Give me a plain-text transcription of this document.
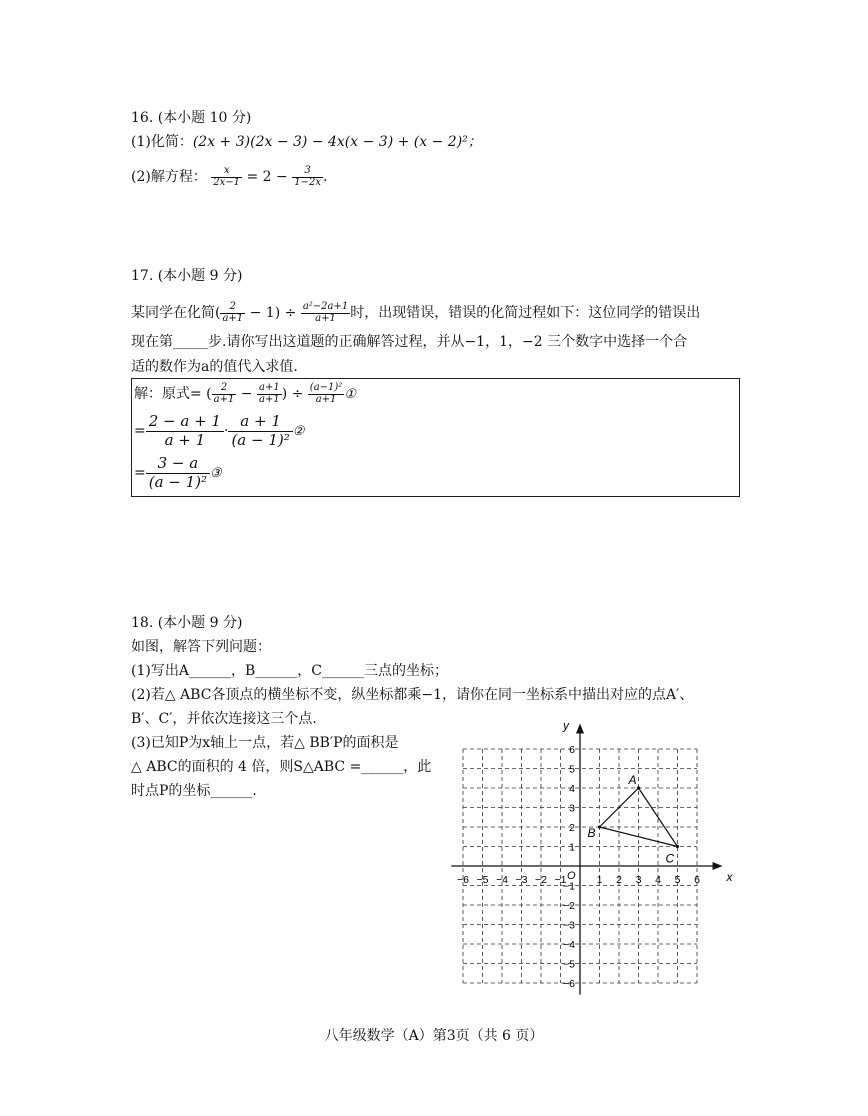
16. (本小题 10 分)
(1)化简：(2x + 3)(2x − 3) − 4x(x − 3) + (x − 2)²；
(2)解方程： $\frac{x}{2x-1} = 2 - \frac{3}{1-2x}$ .
17. (本小题 9 分)
某同学在化简( $\frac{2}{a+1} - 1) \div \frac{\text{a²−2a+1}}{a+1}$ 时，出现错误，错误的化简过程如下：这位同学的错误出
现在第_____步.请你写出这道题的正确解答过程，并从−1，1，−2 三个数字中选择一个合
适的数作为a的值代入求值.
解：原式= ( $\frac{2}{a+1} - \frac{a+1}{a+1}$ ) ÷ $\frac{\text{(a−1)²}}{a+1}$ ①
= $\frac{2 - a + 1}{a + 1} \cdot \frac{a + 1}{\text{(a − 1)²}}$ ②
= $\frac{3 - a}{\text{(a − 1)²}}$ ③
18. (本小题 9 分)
如图，解答下列问题：
(1)写出A______，B______，C______三点的坐标；
(2)若△ ABC各顶点的横坐标不变，纵坐标都乘−1，请你在同一坐标系中描出对应的点A′、
B′、C′，并依次连接这三个点.
(3)已知P为x轴上一点，若△ BB′P的面积是
△ ABC的面积的 4 倍，则S△ABC =______，此
时点P的坐标______.
x
y
O
−6 −5 −4 −3 −2 −1	1 2 3 4 5 6
6
5
4
3
2
1
−1
−2
−3
−4
−5
−6
A
B
C
八年级数学（A）第3页（共 6 页）
